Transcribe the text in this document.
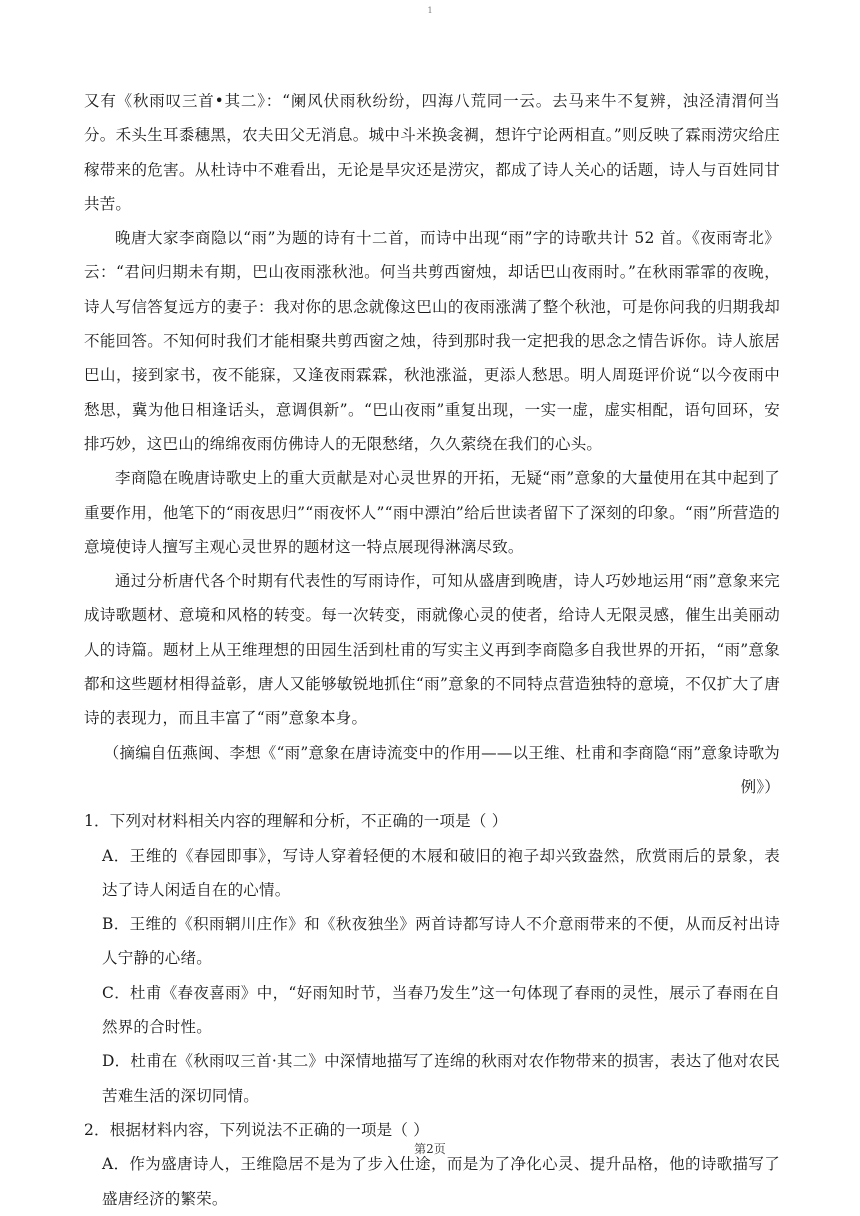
1

又有《秋雨叹三首•其二》：“阑风伏雨秋纷纷，四海八荒同一云。去马来牛不复辨，浊泾清渭何当分。禾头生耳黍穗黑，农夫田父无消息。城中斗米换衾裯，想许宁论两相直。”则反映了霖雨涝灾给庄稼带来的危害。从杜诗中不难看出，无论是旱灾还是涝灾，都成了诗人关心的话题，诗人与百姓同甘共苦。

晚唐大家李商隐以“雨”为题的诗有十二首，而诗中出现“雨”字的诗歌共计 52 首。《夜雨寄北》云：“君问归期未有期，巴山夜雨涨秋池。何当共剪西窗烛，却话巴山夜雨时。”在秋雨霏霏的夜晚，诗人写信答复远方的妻子：我对你的思念就像这巴山的夜雨涨满了整个秋池，可是你问我的归期我却不能回答。不知何时我们才能相聚共剪西窗之烛，待到那时我一定把我的思念之情告诉你。诗人旅居巴山，接到家书，夜不能寐，又逢夜雨霖霖，秋池涨溢，更添人愁思。明人周珽评价说“以今夜雨中愁思，冀为他日相逢话头，意调俱新”。“巴山夜雨”重复出现，一实一虚，虚实相配，语句回环，安排巧妙，这巴山的绵绵夜雨仿佛诗人的无限愁绪，久久萦绕在我们的心头。

李商隐在晚唐诗歌史上的重大贡献是对心灵世界的开拓，无疑“雨”意象的大量使用在其中起到了重要作用，他笔下的“雨夜思归”“雨夜怀人”“雨中漂泊”给后世读者留下了深刻的印象。“雨”所营造的意境使诗人擅写主观心灵世界的题材这一特点展现得淋漓尽致。

通过分析唐代各个时期有代表性的写雨诗作，可知从盛唐到晚唐，诗人巧妙地运用“雨”意象来完成诗歌题材、意境和风格的转变。每一次转变，雨就像心灵的使者，给诗人无限灵感，催生出美丽动人的诗篇。题材上从王维理想的田园生活到杜甫的写实主义再到李商隐多自我世界的开拓，“雨”意象都和这些题材相得益彰，唐人又能够敏锐地抓住“雨”意象的不同特点营造独特的意境，不仅扩大了唐诗的表现力，而且丰富了“雨”意象本身。

（摘编自伍燕闽、李想《“雨”意象在唐诗流变中的作用——以王维、杜甫和李商隐“雨”意象诗歌为例》）

1．下列对材料相关内容的理解和分析，不正确的一项是（ ）

A．王维的《春园即事》，写诗人穿着轻便的木屐和破旧的袍子却兴致盎然，欣赏雨后的景象，表达了诗人闲适自在的心情。

B．王维的《积雨辋川庄作》和《秋夜独坐》两首诗都写诗人不介意雨带来的不便，从而反衬出诗人宁静的心绪。

C．杜甫《春夜喜雨》中，“好雨知时节，当春乃发生”这一句体现了春雨的灵性，展示了春雨在自然界的合时性。

D．杜甫在《秋雨叹三首·其二》中深情地描写了连绵的秋雨对农作物带来的损害，表达了他对农民苦难生活的深切同情。

2．根据材料内容，下列说法不正确的一项是（ ）

A．作为盛唐诗人，王维隐居不是为了步入仕途，而是为了净化心灵、提升品格，他的诗歌描写了盛唐经济的繁荣。

第2页
